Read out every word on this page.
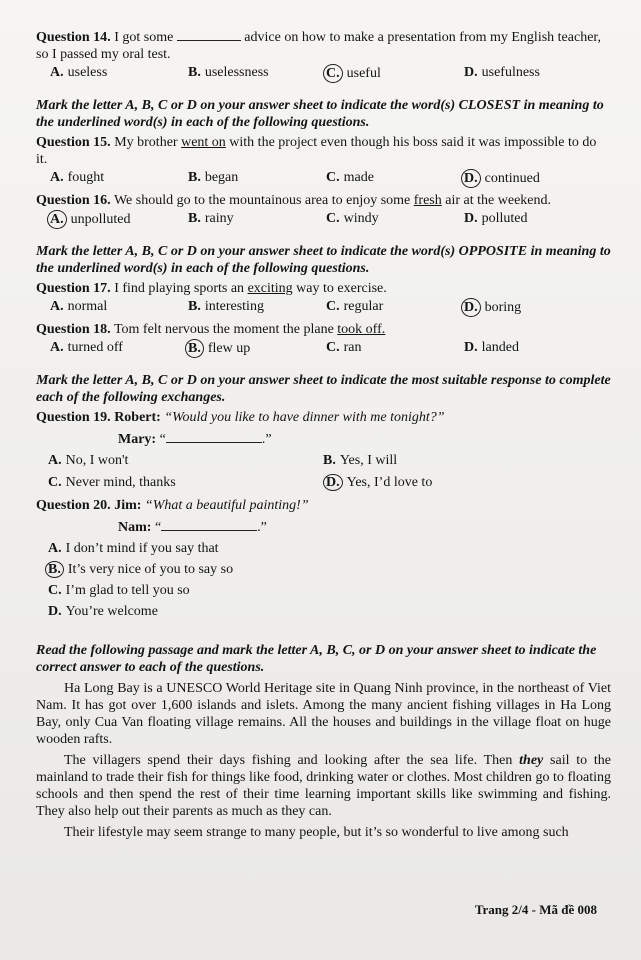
Question 14. I got some	advice on how to make a presentation from my English teacher, so I passed my oral test.

A. useless	B. uselessness	C. useful	D. usefulness

Mark the letter A, B, C or D on your answer sheet to indicate the word(s) CLOSEST in meaning to the underlined word(s) in each of the following questions.

Question 15. My brother went on with the project even though his boss said it was impossible to do it.

A. fought	B. began	C. made	D. continued

Question 16. We should go to the mountainous area to enjoy some fresh air at the weekend.

A. unpolluted	B. rainy	C. windy	D. polluted

Mark the letter A, B, C or D on your answer sheet to indicate the word(s) OPPOSITE in meaning to the underlined word(s) in each of the following questions.

Question 17. I find playing sports an exciting way to exercise.

A. normal	B. interesting	C. regular	D. boring

Question 18. Tom felt nervous the moment the plane took off.

A. turned off	B. flew up	C. ran	D. landed

Mark the letter A, B, C or D on your answer sheet to indicate the most suitable response to complete each of the following exchanges.

Question 19. Robert: “Would you like to have dinner with me tonight?”

Mary: “	.”

A. No, I won't	B. Yes, I will
C. Never mind, thanks	D. Yes, I’d love to

Question 20. Jim: “What a beautiful painting!”

Nam: “	.”

A. I don’t mind if you say that
B. It’s very nice of you to say so
C. I’m glad to tell you so
D. You’re welcome

Read the following passage and mark the letter A, B, C, or D on your answer sheet to indicate the correct answer to each of the questions.

Ha Long Bay is a UNESCO World Heritage site in Quang Ninh province, in the northeast of Viet Nam. It has got over 1,600 islands and islets. Among the many ancient fishing villages in Ha Long Bay, only Cua Van floating village remains. All the houses and buildings in the village float on huge wooden rafts.

The villagers spend their days fishing and looking after the sea life. Then they sail to the mainland to trade their fish for things like food, drinking water or clothes. Most children go to floating schools and then spend the rest of their time learning important skills like swimming and fishing. They also help out their parents as much as they can.

Their lifestyle may seem strange to many people, but it’s so wonderful to live among such

Trang 2/4 - Mã đề 008
